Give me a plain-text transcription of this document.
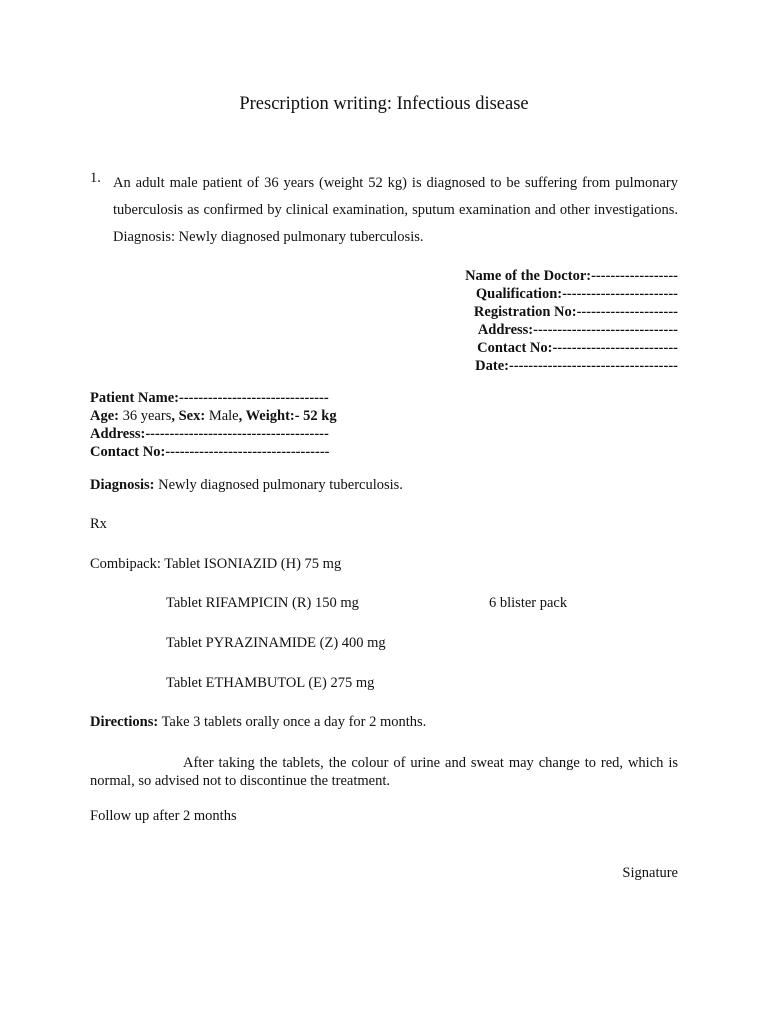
Prescription writing: Infectious disease
1. An adult male patient of 36 years (weight 52 kg) is diagnosed to be suffering from pulmonary tuberculosis as confirmed by clinical examination, sputum examination and other investigations. Diagnosis: Newly diagnosed pulmonary tuberculosis.
Name of the Doctor:------------------
Qualification:------------------------
Registration No:---------------------
Address:------------------------------
Contact No:--------------------------
Date:-----------------------------------
Patient Name:-------------------------------
Age: 36 years, Sex: Male, Weight:- 52 kg
Address:--------------------------------------
Contact No:----------------------------------
Diagnosis: Newly diagnosed pulmonary tuberculosis.
Rx
Combipack: Tablet ISONIAZID (H) 75 mg
Tablet RIFAMPICIN (R) 150 mg	6 blister pack
Tablet PYRAZINAMIDE (Z) 400 mg
Tablet ETHAMBUTOL (E) 275 mg
Directions: Take 3 tablets orally once a day for 2 months.
After taking the tablets, the colour of urine and sweat may change to red, which is normal, so advised not to discontinue the treatment.
Follow up after 2 months
Signature
